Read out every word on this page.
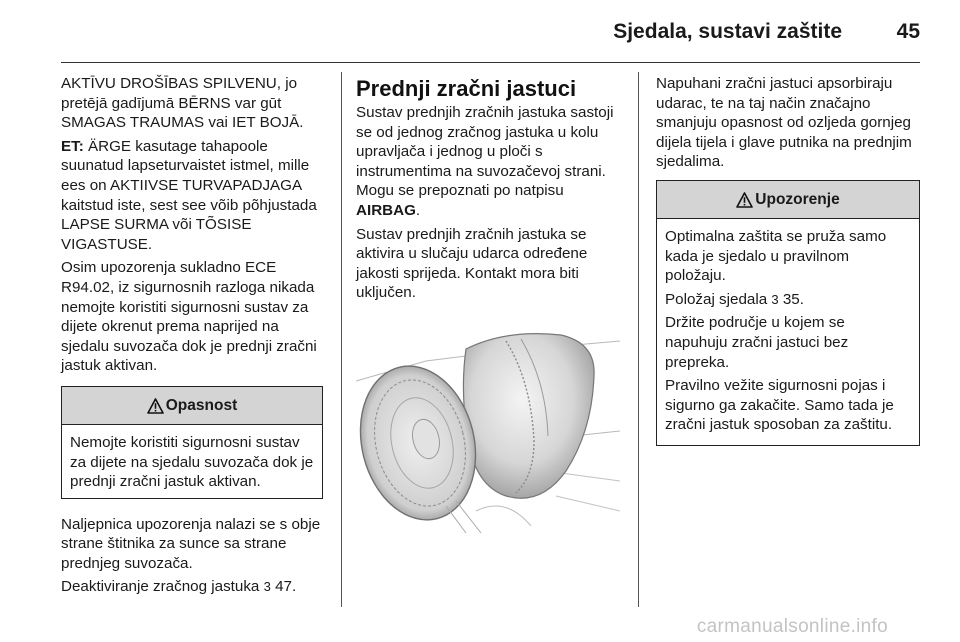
Sjedala, sustavi zaštite	45

AKTĪVU DROŠĪBAS SPILVENU, jo pretējā gadījumā BĒRNS var gūt SMAGAS TRAUMAS vai IET BOJĀ.

ET: ÄRGE kasutage tahapoole suunatud lapseturvaistet istmel, mille ees on AKTIIVSE TURVAPADJAGA kaitstud iste, sest see võib põhjustada LAPSE SURMA või TÕSISE VIGASTUSE.

Osim upozorenja sukladno ECE R94.02, iz sigurnosnih razloga nikada nemojte koristiti sigurnosni sustav za dijete okrenut prema naprijed na sjedalu suvozača dok je prednji zračni jastuk aktivan.

Opasnost

Nemojte koristiti sigurnosni sustav za dijete na sjedalu suvozača dok je prednji zračni jastuk aktivan.

Naljepnica upozorenja nalazi se s obje strane štitnika za sunce sa strane prednjeg suvozača.

Deaktiviranje zračnog jastuka 3 47.

Prednji zračni jastuci

Sustav prednjih zračnih jastuka sastoji se od jednog zračnog jastuka u kolu upravljača i jednog u ploči s instrumentima na suvozačevoj strani. Mogu se prepoznati po natpisu AIRBAG.

Sustav prednjih zračnih jastuka se aktivira u slučaju udarca određene jakosti sprijeda. Kontakt mora biti uključen.

Napuhani zračni jastuci apsorbiraju udarac, te na taj način značajno smanjuju opasnost od ozljeda gornjeg dijela tijela i glave putnika na prednjim sjedalima.

Upozorenje

Optimalna zaštita se pruža samo kada je sjedalo u pravilnom položaju.

Položaj sjedala 3 35.

Držite područje u kojem se napuhuju zračni jastuci bez prepreka.

Pravilno vežite sigurnosni pojas i sigurno ga zakačite. Samo tada je zračni jastuk sposoban za zaštitu.

carmanualsonline.info
